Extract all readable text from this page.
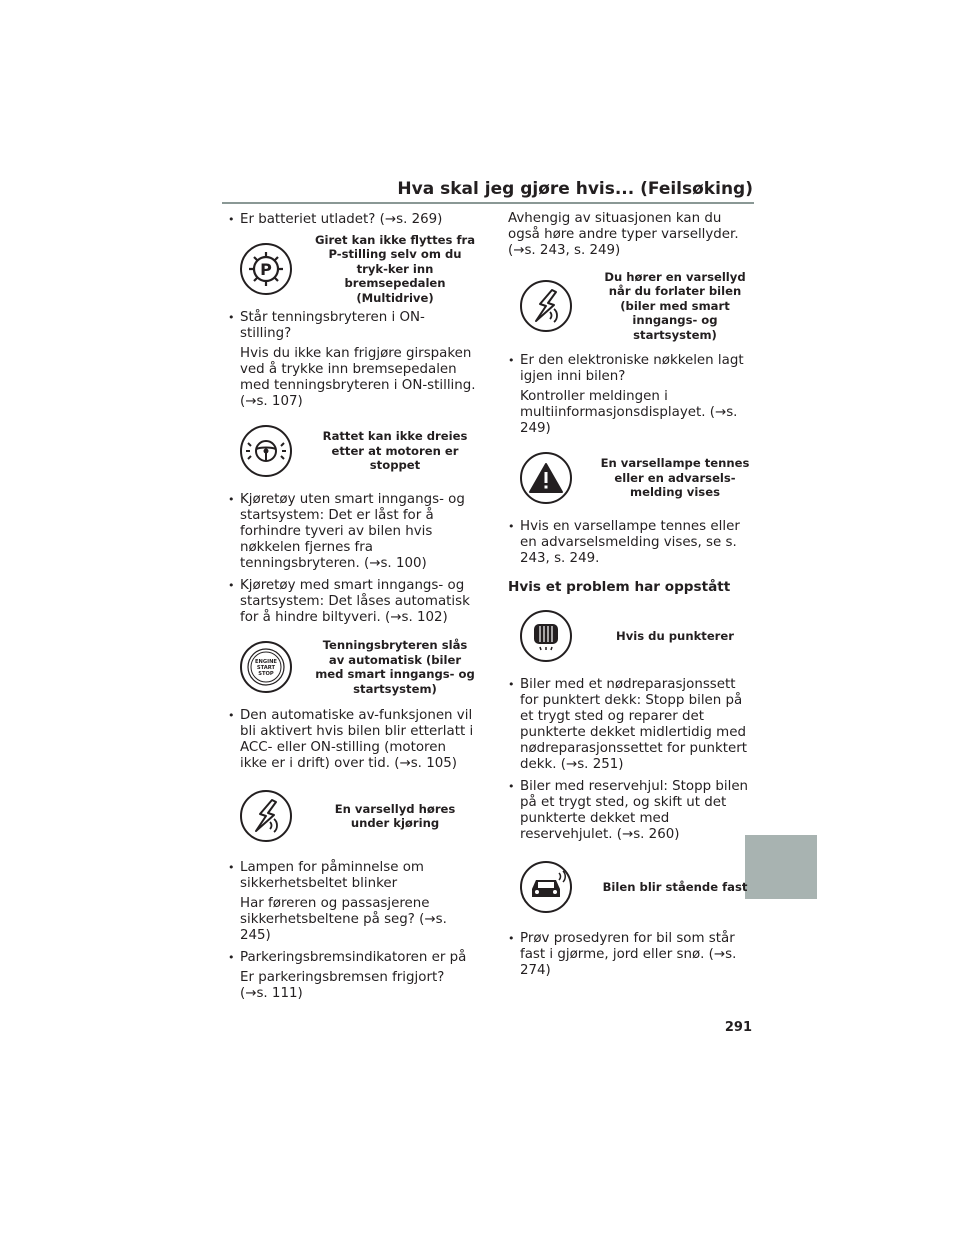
Hva skal jeg gjøre hvis... (Feilsøking)
291
• Er batteriet utladet? (→s. 269)
P
Giret kan ikke flyttes fra P-stilling selv om du tryk-ker inn bremsepedalen (Multidrive)
• Står tenningsbryteren i ON-stilling?
Hvis du ikke kan frigjøre girspaken ved å trykke inn bremsepedalen med tenningsbryteren i ON-stilling. (→s. 107)
Rattet kan ikke dreies etter at motoren er stoppet
• Kjøretøy uten smart inngangs- og startsystem: Det er låst for å forhindre tyveri av bilen hvis nøkkelen fjernes fra tenningsbryteren. (→s. 100)
• Kjøretøy med smart inngangs- og startsystem: Det låses automatisk for å hindre biltyveri. (→s. 102)
ENGINE
START
STOP
Tenningsbryteren slås av automatisk (biler med smart inngangs- og startsystem)
• Den automatiske av-funksjonen vil bli aktivert hvis bilen blir etterlatt i ACC- eller ON-stilling (motoren ikke er i drift) over tid. (→s. 105)
En varsellyd høres under kjøring
• Lampen for påminnelse om sikkerhetsbeltet blinker
Har føreren og passasjerene sikkerhetsbeltene på seg? (→s. 245)
• Parkeringsbremsindikatoren er på
Er parkeringsbremsen frigjort? (→s. 111)
Avhengig av situasjonen kan du også høre andre typer varsellyder. (→s. 243, s. 249)
Du hører en varsellyd når du forlater bilen (biler med smart inngangs- og startsystem)
• Er den elektroniske nøkkelen lagt igjen inni bilen?
Kontroller meldingen i multiinformasjonsdisplayet. (→s. 249)
En varsellampe tennes eller en advarsels-melding vises
• Hvis en varsellampe tennes eller en advarselsmelding vises, se s. 243, s. 249.
Hvis et problem har oppstått
Hvis du punkterer
• Biler med et nødreparasjonssett for punktert dekk: Stopp bilen på et trygt sted og reparer det punkterte dekket midlertidig med nødreparasjonssettet for punktert dekk. (→s. 251)
• Biler med reservehjul: Stopp bilen på et trygt sted, og skift ut det punkterte dekket med reservehjulet. (→s. 260)
Bilen blir stående fast
• Prøv prosedyren for bil som står fast i gjørme, jord eller snø. (→s. 274)
